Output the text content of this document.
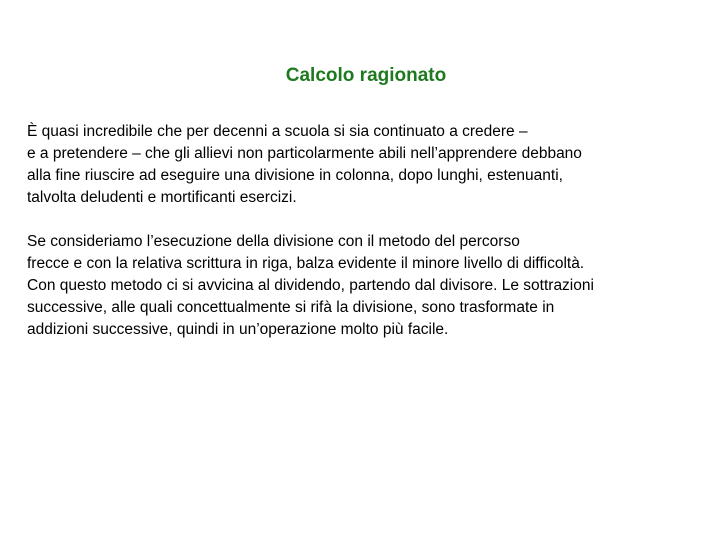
Calcolo ragionato

È quasi incredibile che per decenni a scuola si sia continuato a credere –
e a pretendere – che gli allievi non particolarmente abili nell’apprendere debbano
alla fine riuscire ad eseguire una divisione in colonna, dopo lunghi, estenuanti,
talvolta deludenti e mortificanti esercizi.

Se consideriamo l’esecuzione della divisione con il metodo del percorso
frecce e con la relativa scrittura in riga, balza evidente il minore livello di difficoltà.
Con questo metodo ci si avvicina al dividendo, partendo dal divisore. Le sottrazioni
successive, alle quali concettualmente si rifà la divisione, sono trasformate in
addizioni successive, quindi in un’operazione molto più facile.
